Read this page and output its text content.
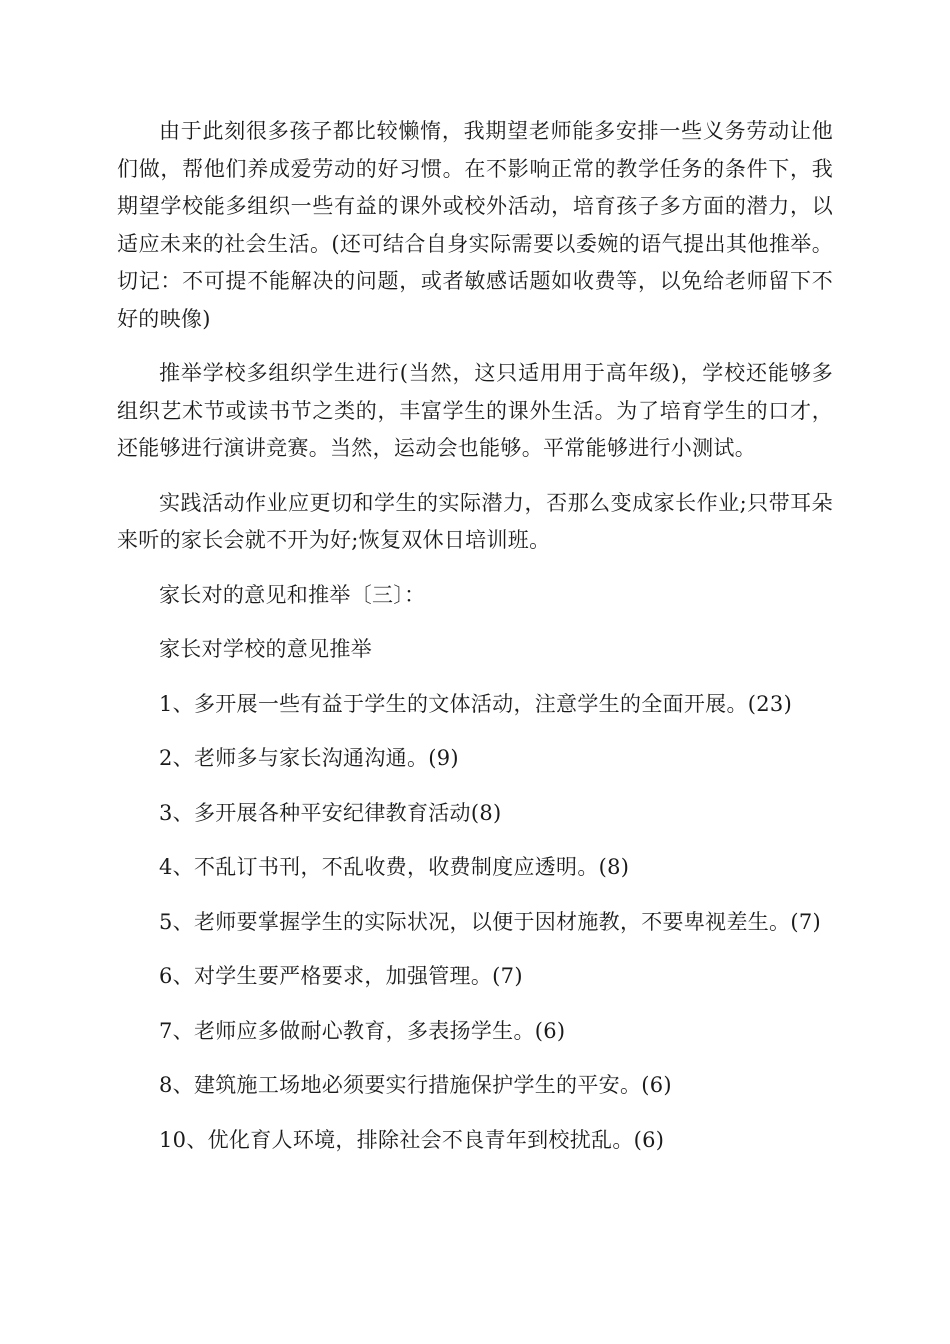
由于此刻很多孩子都比较懒惰，我期望老师能多安排一些义务劳动让他们做，帮他们养成爱劳动的好习惯。在不影响正常的教学任务的条件下，我期望学校能多组织一些有益的课外或校外活动，培育孩子多方面的潜力，以适应未来的社会生活。(还可结合自身实际需要以委婉的语气提出其他推举。切记：不可提不能解决的问题，或者敏感话题如收费等，以免给老师留下不好的映像)

推举学校多组织学生进行(当然，这只适用用于高年级)，学校还能够多组织艺术节或读书节之类的，丰富学生的课外生活。为了培育学生的口才，还能够进行演讲竞赛。当然，运动会也能够。平常能够进行小测试。

实践活动作业应更切和学生的实际潜力，否那么变成家长作业;只带耳朵来听的家长会就不开为好;恢复双休日培训班。

家长对的意见和推举〔三〕：

家长对学校的意见推举

1、多开展一些有益于学生的文体活动，注意学生的全面开展。(23)

2、老师多与家长沟通沟通。(9)

3、多开展各种平安纪律教育活动(8)

4、不乱订书刊，不乱收费，收费制度应透明。(8)

5、老师要掌握学生的实际状况，以便于因材施教，不要卑视差生。(7)

6、对学生要严格要求，加强管理。(7)

7、老师应多做耐心教育，多表扬学生。(6)

8、建筑施工场地必须要实行措施保护学生的平安。(6)

10、优化育人环境，排除社会不良青年到校扰乱。(6)
